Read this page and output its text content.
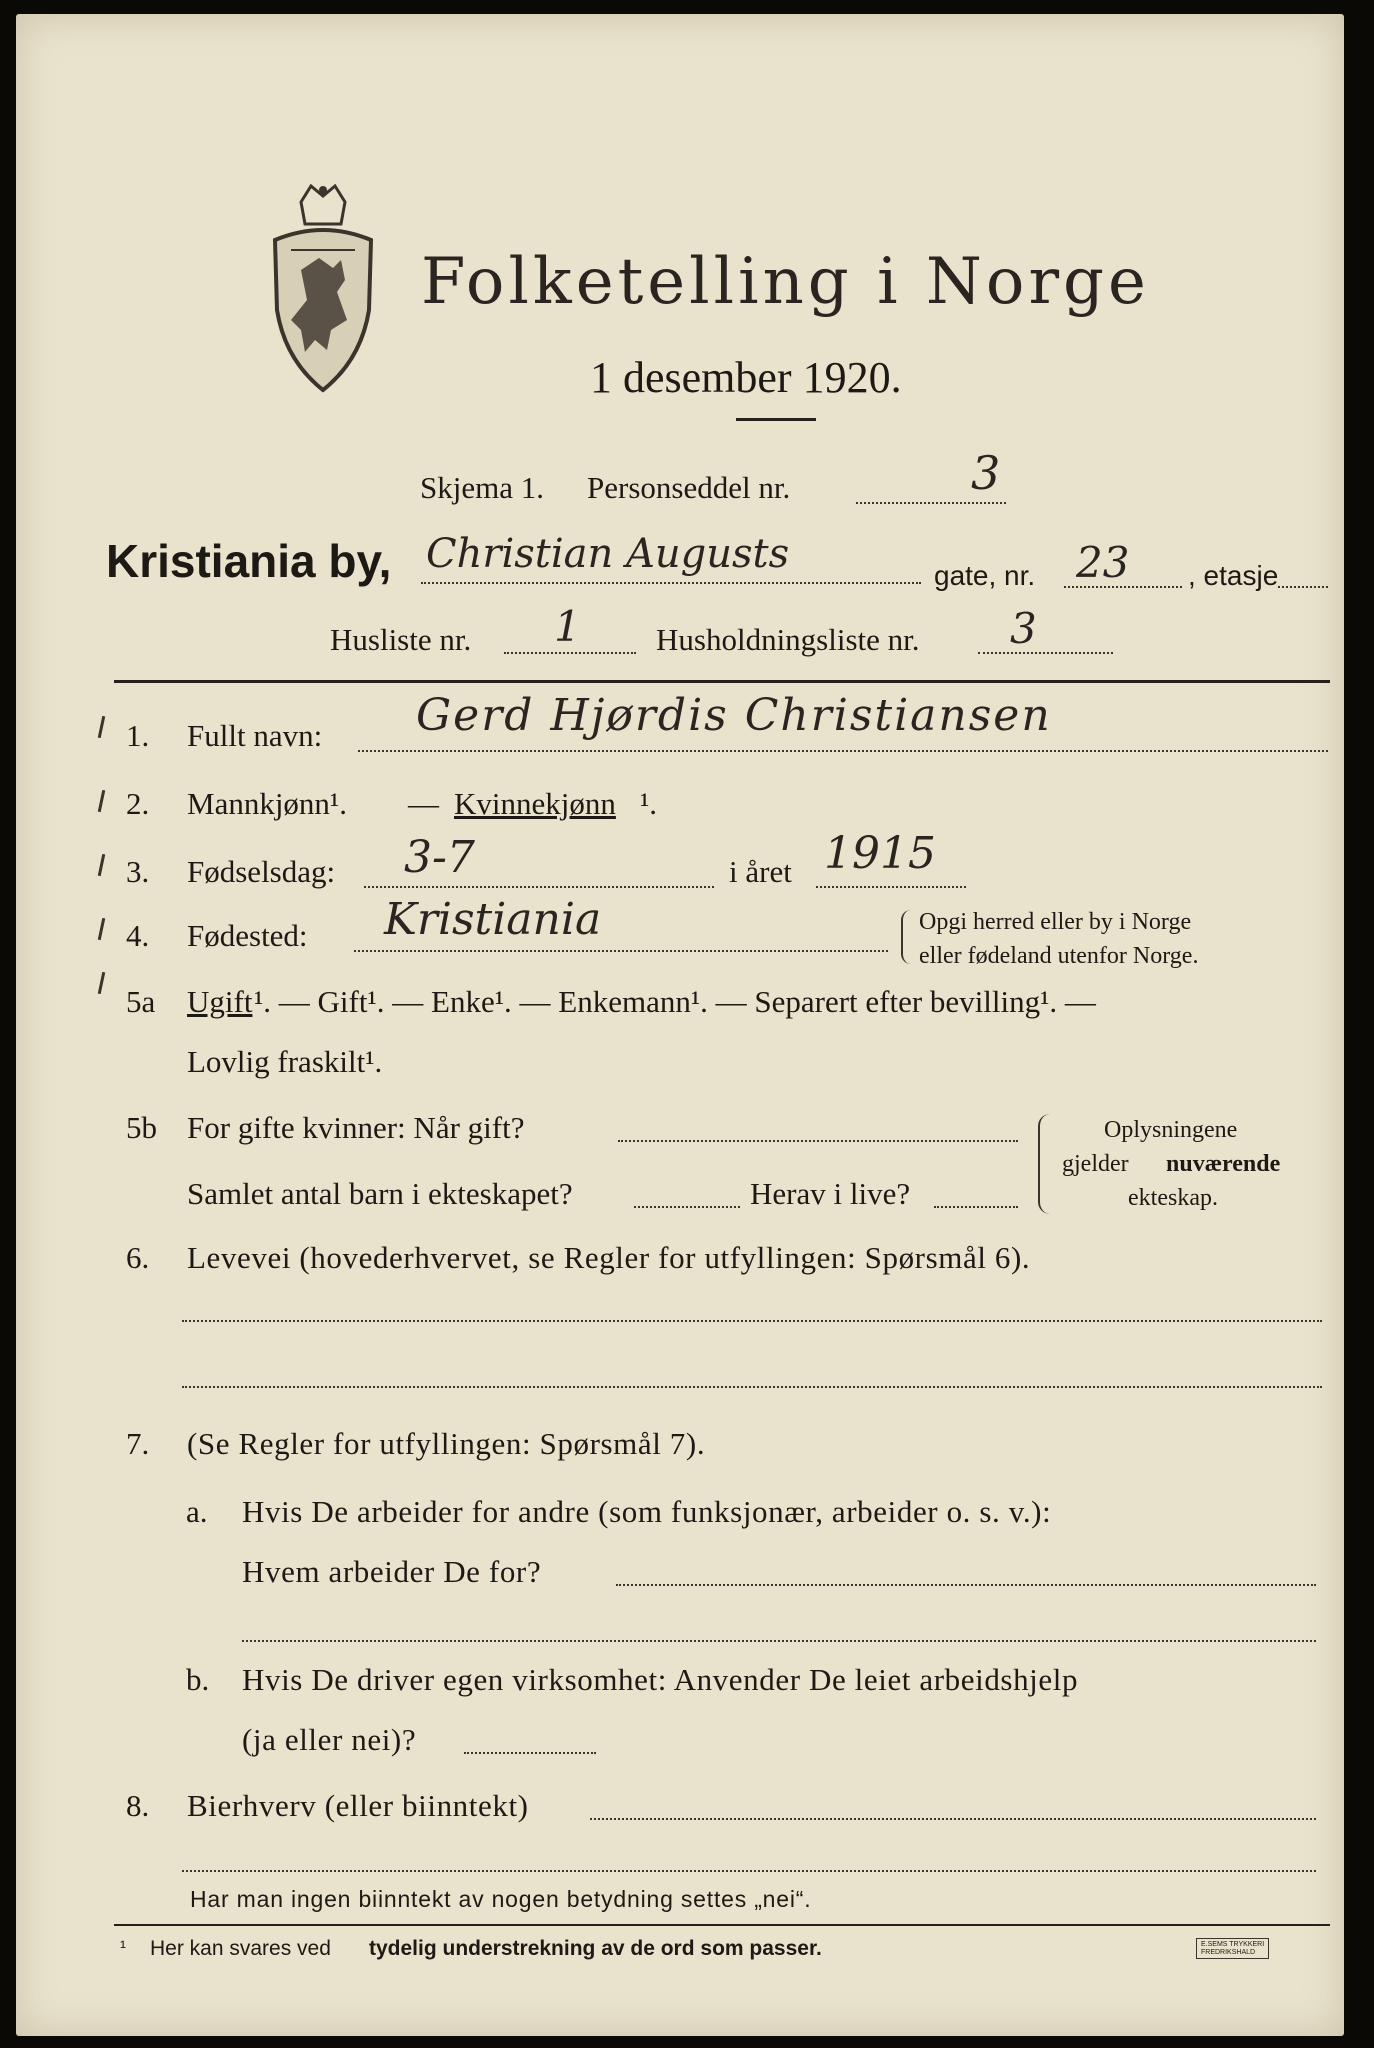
Folketelling i Norge
1 desember 1920.
Skjema 1. Personseddel nr.	3
Kristiania by, Christian Augusts	gate, nr. 23 , etasje
Husliste nr. 1 Husholdningsliste nr. 3
1. Fullt navn: Gerd Hjørdis Christiansen
2. Mannkjønn¹. — Kvinnekjønn ¹.
3. Fødselsdag: 3-7	i året 1915
4. Fødested: Kristiania	Opgi herred eller by i Norge
eller fødeland utenfor Norge.
5a Ugift ¹. — Gift¹. — Enke¹. — Enkemann¹. — Separert efter bevilling¹. —
Lovlig fraskilt¹.
5b For gifte kvinner: Når gift?
Samlet antal barn i ekteskapet?	Herav i live?
Oplysningene
gjelder nuværende
ekteskap.
6. Levevei (hovederhvervet, se Regler for utfyllingen: Spørsmål 6).
7. (Se Regler for utfyllingen: Spørsmål 7).
a. Hvis De arbeider for andre (som funksjonær, arbeider o. s. v.):
Hvem arbeider De for?
b. Hvis De driver egen virksomhet: Anvender De leiet arbeidshjelp
(ja eller nei)?
8. Bierhverv (eller biinntekt)
Har man ingen biinntekt av nogen betydning settes „nei“.
¹ Her kan svares ved tydelig understrekning av de ord som passer.	E.SEMS TRYKKERI
FREDRIKSHALD
